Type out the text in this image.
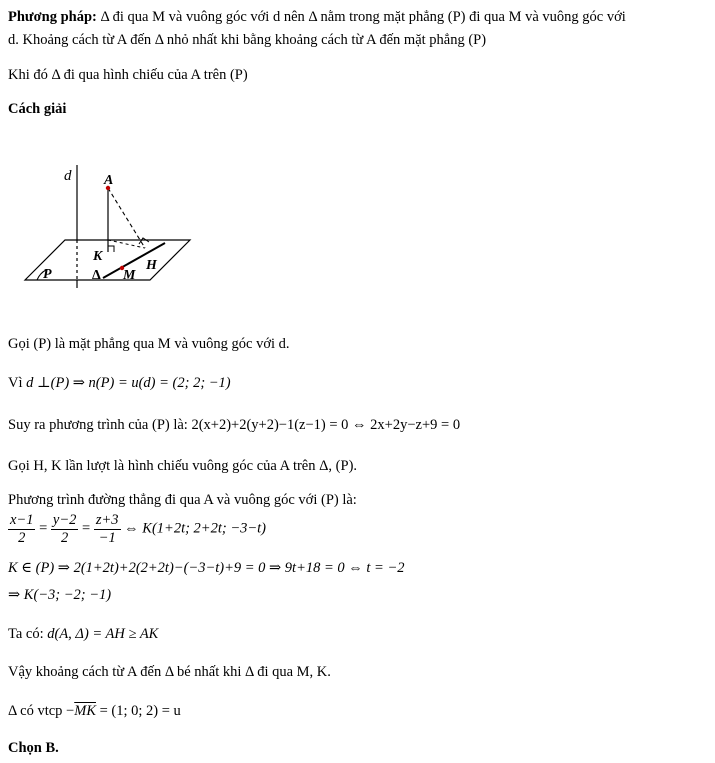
Phương pháp: Δ đi qua M và vuông góc với d nên Δ nằm trong mặt phẳng (P) đi qua M và vuông góc với
d. Khoảng cách từ A đến Δ nhỏ nhất khi bằng khoảng cách từ A đến mặt phẳng (P)
Khi đó Δ đi qua hình chiếu của A trên (P)
Cách giải
d A
K
H
P	Δ M
Gọi (P) là mặt phẳng qua M và vuông góc với d.
Vì d ⊥(P) ⇒ n(P) = u(d) = (2; 2; −1)
Suy ra phương trình của (P) là: 2(x+2)+2(y+2)−1(z−1) = 0 ⇔ 2x+2y−z+9 = 0
Gọi H, K lần lượt là hình chiếu vuông góc của A trên Δ, (P).
Phương trình đường thẳng đi qua A và vuông góc với (P) là:
$\frac{x-1}{2} = \frac{y-2}{2} = \frac{z+3}{-1}$ ⇔ K(1+2t; 2+2t; −3−t)
K ∈ (P) ⇒ 2(1+2t)+2(2+2t)−(−3−t)+9 = 0 ⇒ 9t+18 = 0 ⇔ t = −2
⇒ K(−3; −2; −1)
Ta có: d(A, Δ) = AH ≥ AK
Vậy khoảng cách từ A đến Δ bé nhất khi Δ đi qua M, K.
Δ có vtcp $-\overline{MK} = (1$; 0; 2) = u
Chọn B.
